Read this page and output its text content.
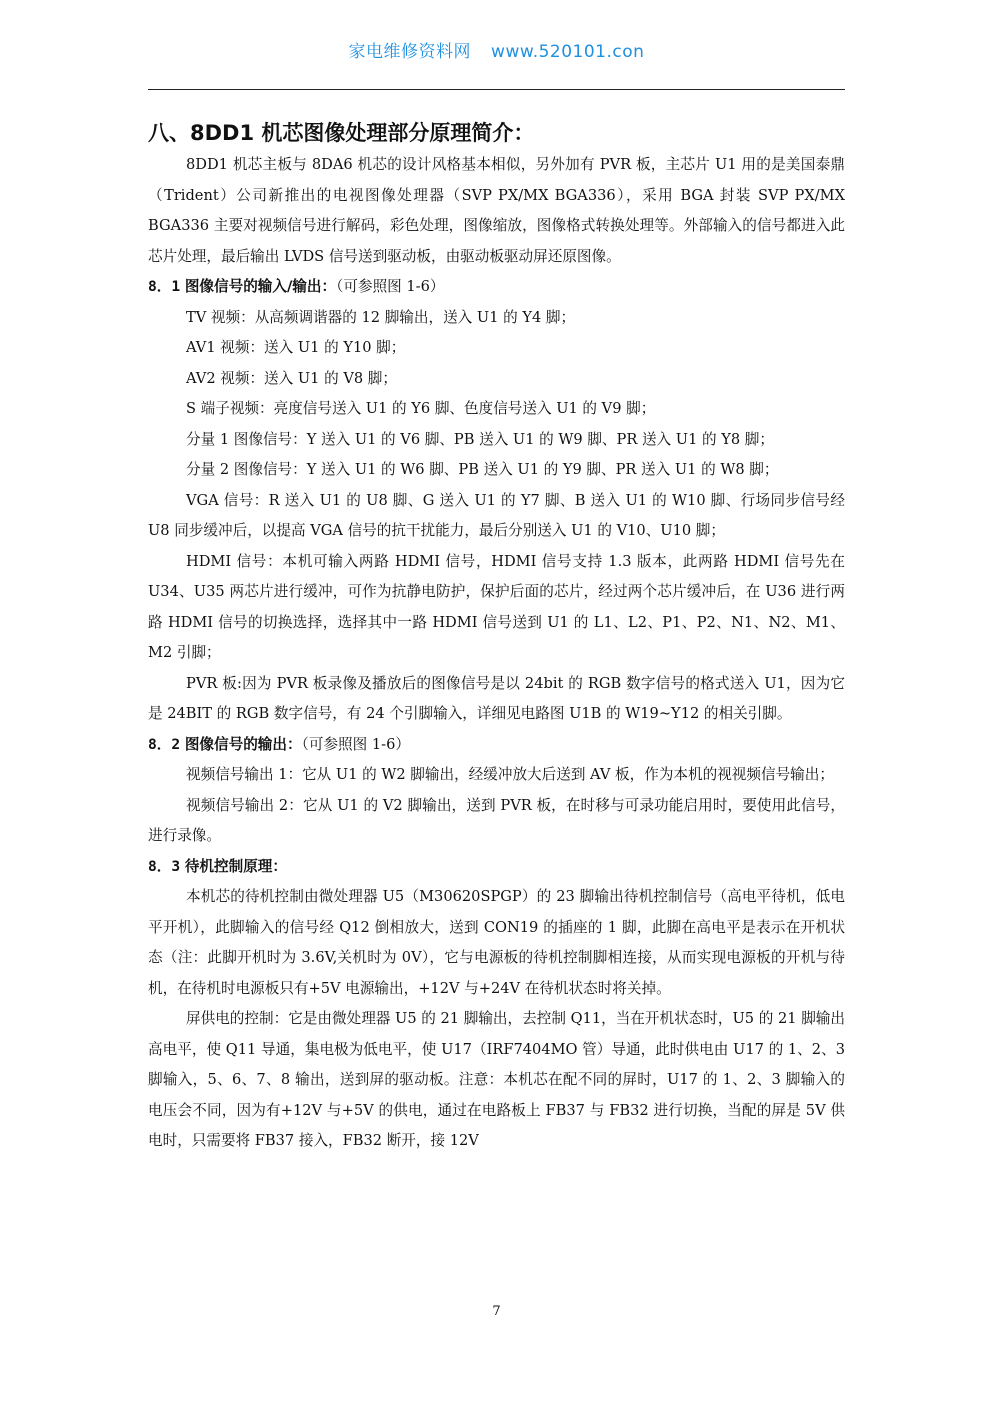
家电维修资料网 www.520101.con
八、8DD1 机芯图像处理部分原理简介：

8DD1 机芯主板与 8DA6 机芯的设计风格基本相似，另外加有 PVR 板，主芯片 U1 用的是美国泰鼎（Trident）公司新推出的电视图像处理器（SVP PX/MX BGA336），采用 BGA 封装 SVP PX/MX BGA336 主要对视频信号进行解码，彩色处理，图像缩放，图像格式转换处理等。外部输入的信号都进入此芯片处理，最后输出 LVDS 信号送到驱动板，由驱动板驱动屏还原图像。

8．1 图像信号的输入/输出：（可参照图 1-6）

TV 视频：从高频调谐器的 12 脚输出，送入 U1 的 Y4 脚；

AV1 视频：送入 U1 的 Y10 脚；

AV2 视频：送入 U1 的 V8 脚；

S 端子视频：亮度信号送入 U1 的 Y6 脚、色度信号送入 U1 的 V9 脚；

分量 1 图像信号：Y 送入 U1 的 V6 脚、PB 送入 U1 的 W9 脚、PR 送入 U1 的 Y8 脚；

分量 2 图像信号：Y 送入 U1 的 W6 脚、PB 送入 U1 的 Y9 脚、PR 送入 U1 的 W8 脚；

VGA 信号：R 送入 U1 的 U8 脚、G 送入 U1 的 Y7 脚、B 送入 U1 的 W10 脚、行场同步信号经 U8 同步缓冲后，以提高 VGA 信号的抗干扰能力，最后分别送入 U1 的 V10、U10 脚；

HDMI 信号：本机可输入两路 HDMI 信号，HDMI 信号支持 1.3 版本，此两路 HDMI 信号先在 U34、U35 两芯片进行缓冲，可作为抗静电防护，保护后面的芯片，经过两个芯片缓冲后，在 U36 进行两路 HDMI 信号的切换选择，选择其中一路 HDMI 信号送到 U1 的 L1、L2、P1、P2、N1、N2、M1、M2 引脚；

PVR 板:因为 PVR 板录像及播放后的图像信号是以 24bit 的 RGB 数字信号的格式送入 U1，因为它是 24BIT 的 RGB 数字信号，有 24 个引脚输入，详细见电路图 U1B 的 W19~Y12 的相关引脚。

8．2 图像信号的输出：（可参照图 1-6）

视频信号输出 1：它从 U1 的 W2 脚输出，经缓冲放大后送到 AV 板，作为本机的视视频信号输出；

视频信号输出 2：它从 U1 的 V2 脚输出，送到 PVR 板，在时移与可录功能启用时，要使用此信号，进行录像。

8．3 待机控制原理：

本机芯的待机控制由微处理器 U5（M30620SPGP）的 23 脚输出待机控制信号（高电平待机，低电平开机），此脚输入的信号经 Q12 倒相放大，送到 CON19 的插座的 1 脚，此脚在高电平是表示在开机状态（注：此脚开机时为 3.6V,关机时为 0V），它与电源板的待机控制脚相连接，从而实现电源板的开机与待机，在待机时电源板只有+5V 电源输出，+12V 与+24V 在待机状态时将关掉。

屏供电的控制：它是由微处理器 U5 的 21 脚输出，去控制 Q11，当在开机状态时，U5 的 21 脚输出高电平，使 Q11 导通，集电极为低电平，使 U17（IRF7404MO 管）导通，此时供电由 U17 的 1、2、3 脚输入，5、6、7、8 输出，送到屏的驱动板。注意：本机芯在配不同的屏时，U17 的 1、2、3 脚输入的电压会不同，因为有+12V 与+5V 的供电，通过在电路板上 FB37 与 FB32 进行切换，当配的屏是 5V 供电时，只需要将 FB37 接入，FB32 断开，接 12V

7
